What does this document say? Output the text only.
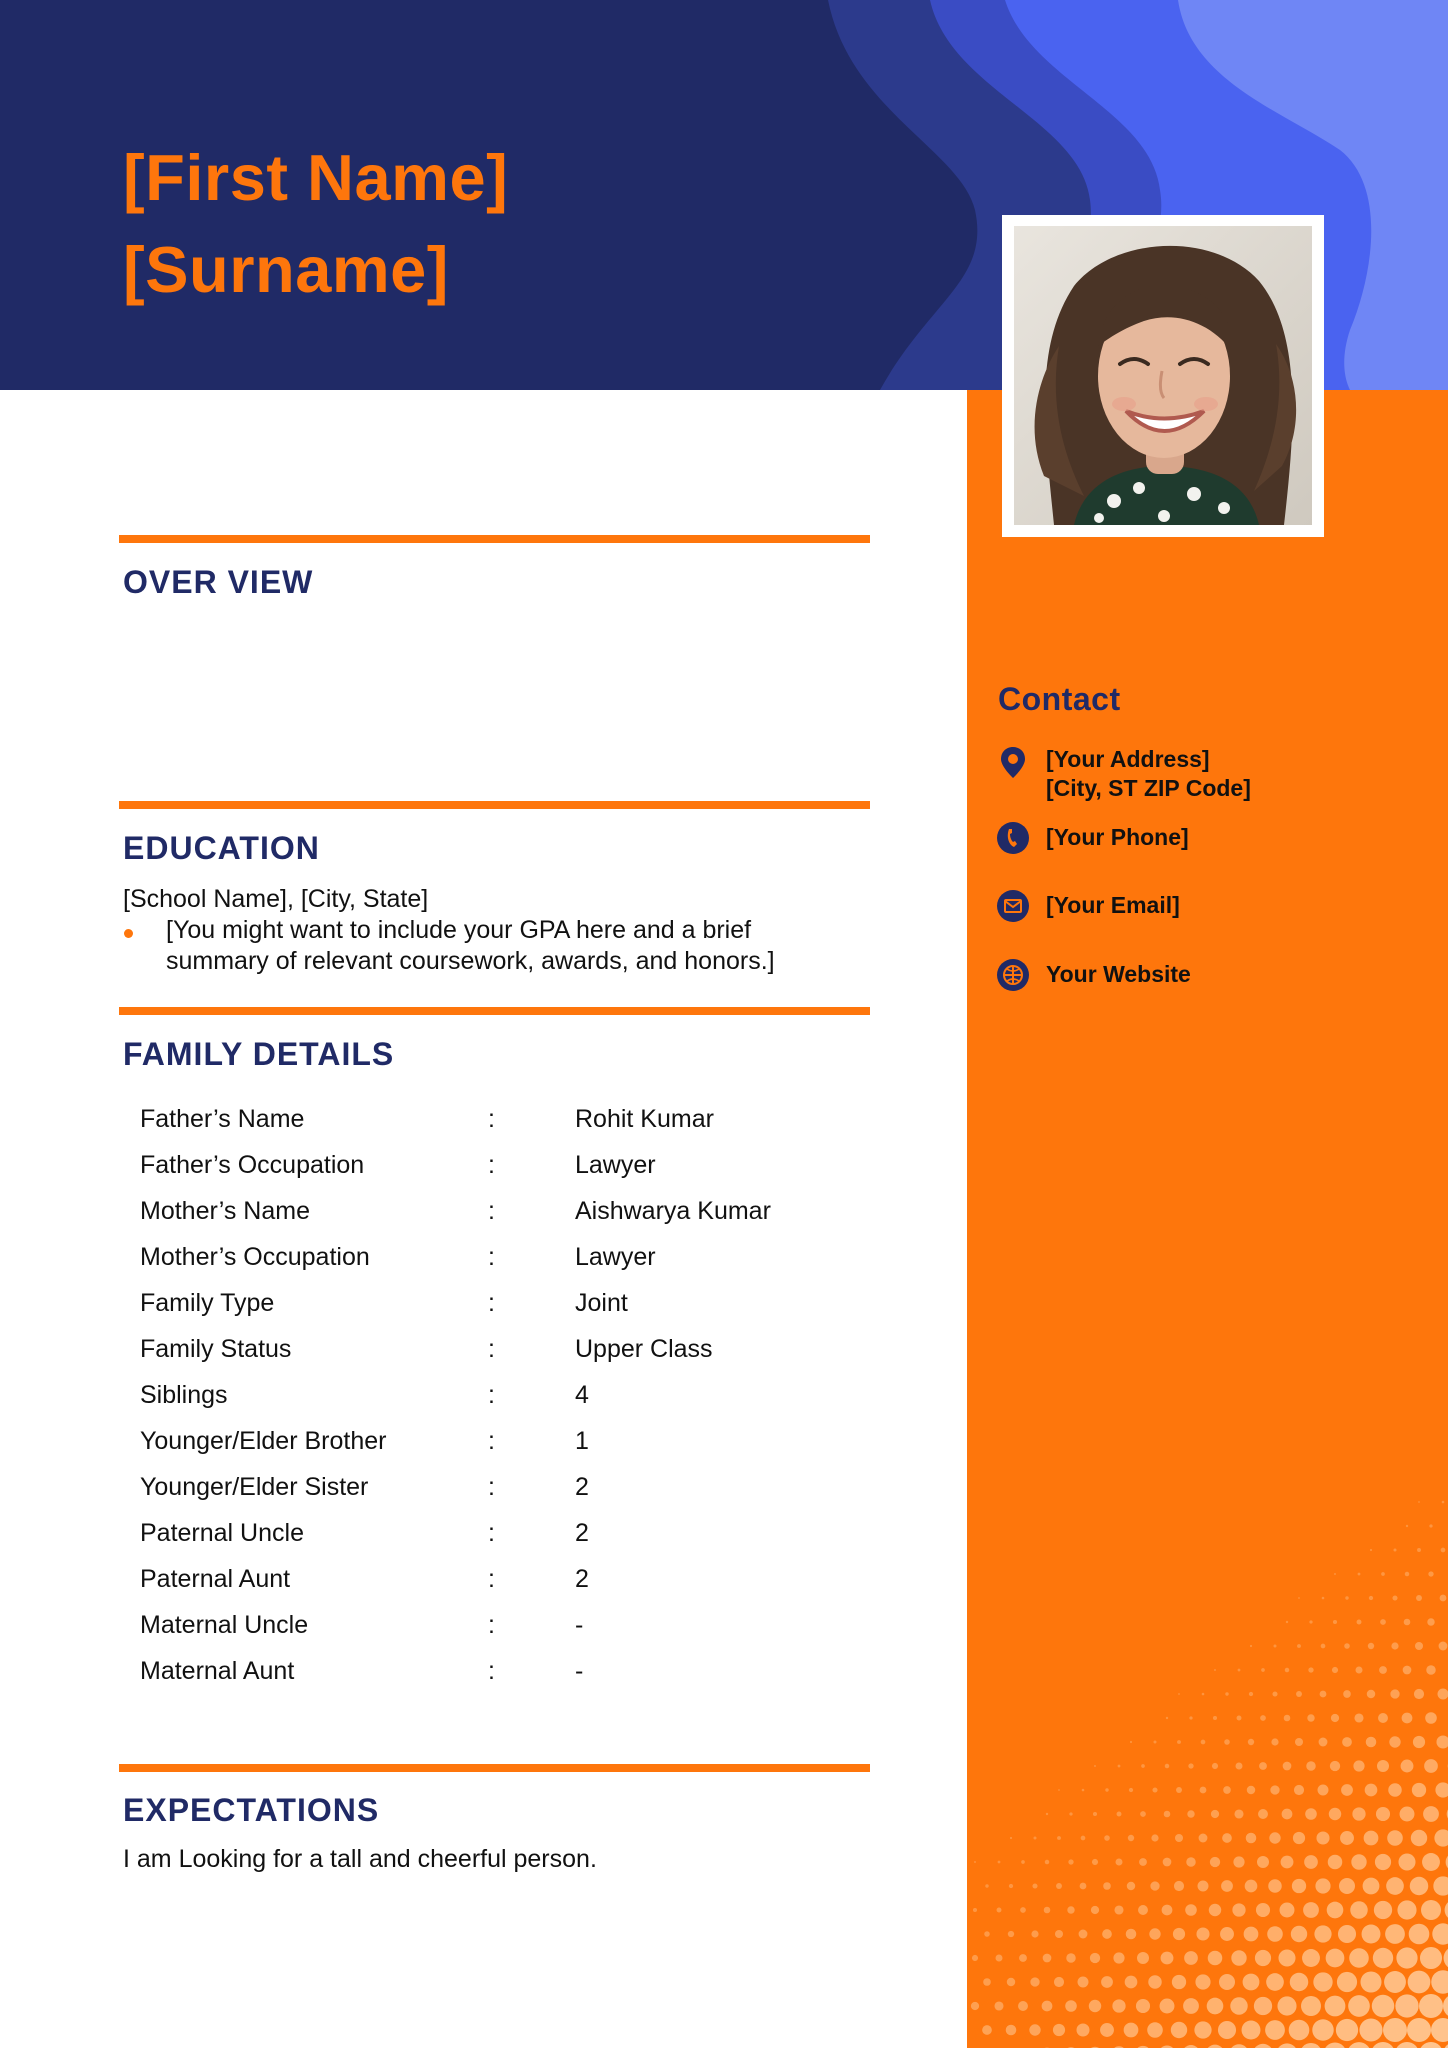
[First Name]
[Surname]
OVER VIEW
EDUCATION
[School Name], [City, State]
[You might want to include your GPA here and a brief summary of relevant coursework, awards, and honors.]
FAMILY DETAILS
Father’s Name	:	Rohit Kumar
Father’s Occupation	:	Lawyer
Mother’s Name	:	Aishwarya Kumar
Mother’s Occupation	:	Lawyer
Family Type	:	Joint
Family Status	:	Upper Class
Siblings	:	4
Younger/Elder Brother	:	1
Younger/Elder Sister	:	2
Paternal Uncle	:	2
Paternal Aunt	:	2
Maternal Uncle	:	-
Maternal Aunt	:	-
EXPECTATIONS
I am Looking for a tall and cheerful person.
Contact
[Your Address]
[City, ST ZIP Code]
[Your Phone]
[Your Email]
Your Website
